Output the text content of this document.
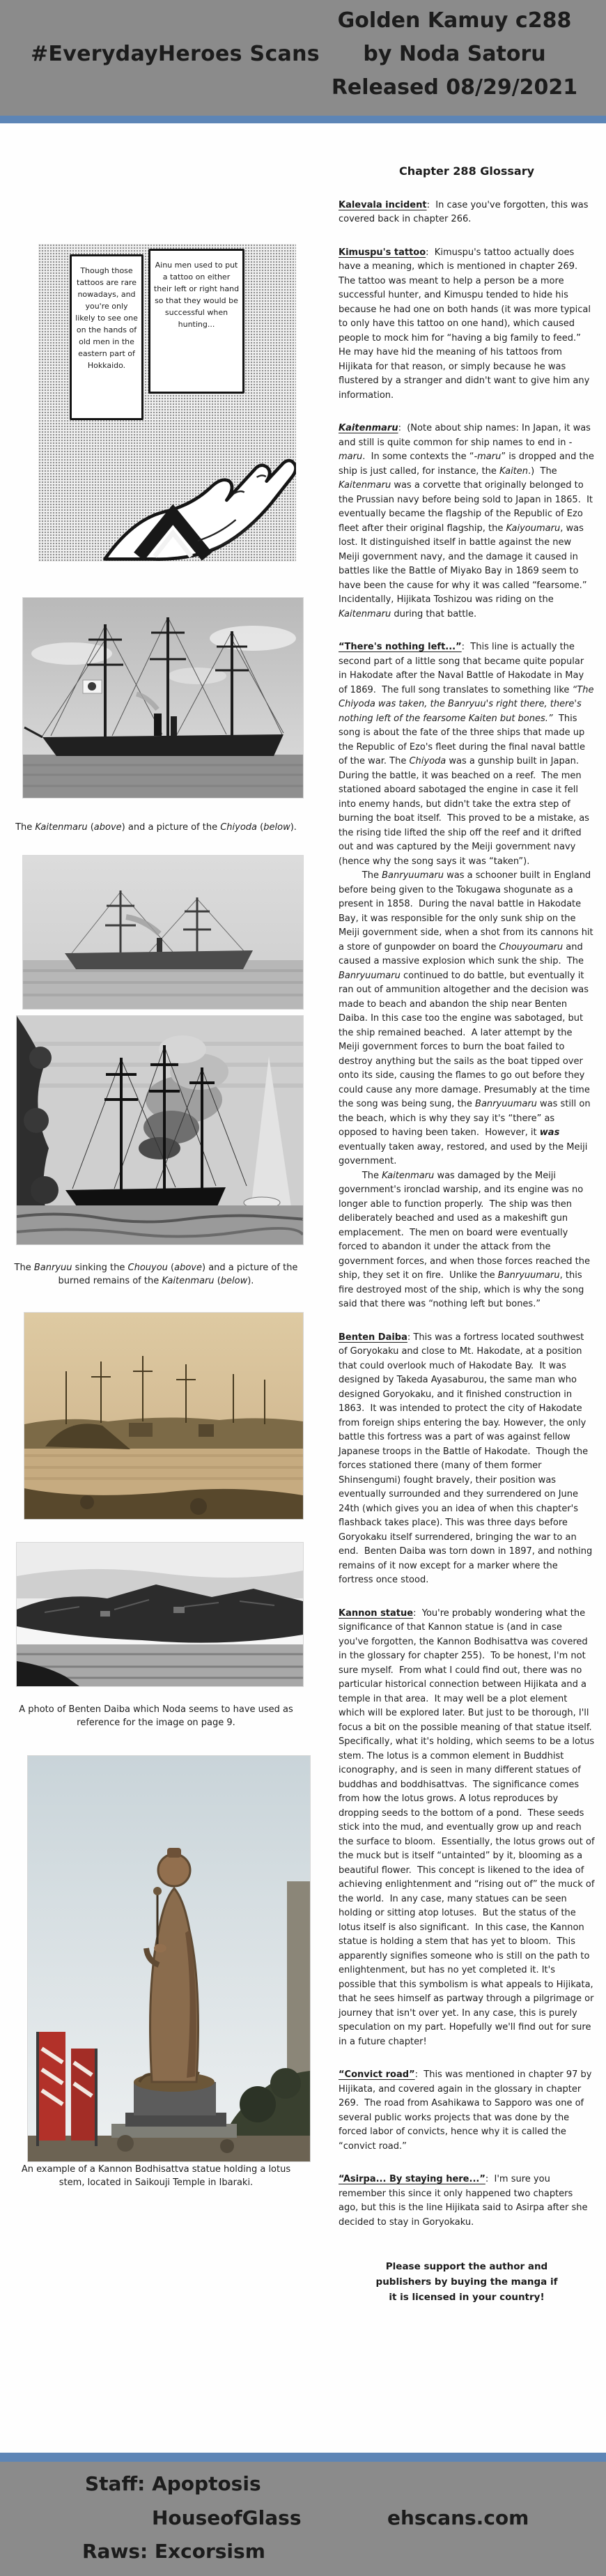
#EverydayHeroes Scans
Golden Kamuy c288
by Noda Satoru
Released 08/29/2021
Though those tattoos are rare nowadays, and you're only likely to see one on the hands of old men in the eastern part of Hokkaido.
Ainu men used to put a tattoo on either their left or right hand so that they would be successful when hunting...
The Kaitenmaru (above) and a picture of the Chiyoda (below).
The Banryuu sinking the Chouyou (above) and a picture of the burned remains of the Kaitenmaru (below).
A photo of Benten Daiba which Noda seems to have used as reference for the image on page 9.
An example of a Kannon Bodhisattva statue holding a lotus stem, located in Saikouji Temple in Ibaraki.
Chapter 288 Glossary

Kalevala incident:  In case you've forgotten, this was covered back in chapter 266.

Kimuspu's tattoo:  Kimuspu's tattoo actually does have a meaning, which is mentioned in chapter 269. The tattoo was meant to help a person be a more successful hunter, and Kimuspu tended to hide his because he had one on both hands (it was more typical to only have this tattoo on one hand), which caused people to mock him for “having a big family to feed.”  He may have hid the meaning of his tattoos from Hijikata for that reason, or simply because he was flustered by a stranger and didn't want to give him any information.

Kaitenmaru:  (Note about ship names: In Japan, it was and still is quite common for ship names to end in -maru.  In some contexts the “-maru” is dropped and the ship is just called, for instance, the Kaiten.)  The Kaitenmaru was a corvette that originally belonged to the Prussian navy before being sold to Japan in 1865.  It eventually became the flagship of the Republic of Ezo fleet after their original flagship, the Kaiyoumaru, was lost. It distinguished itself in battle against the new Meiji government navy, and the damage it caused in battles like the Battle of Miyako Bay in 1869 seem to have been the cause for why it was called “fearsome.”  Incidentally, Hijikata Toshizou was riding on the Kaitenmaru during that battle.

“There's nothing left...”:  This line is actually the second part of a little song that became quite popular in Hakodate after the Naval Battle of Hakodate in May of 1869.  The full song translates to something like “The Chiyoda was taken, the Banryuu's right there, there's nothing left of the fearsome Kaiten but bones.”  This song is about the fate of the three ships that made up the Republic of Ezo's fleet during the final naval battle of the war. The Chiyoda was a gunship built in Japan.  During the battle, it was beached on a reef.  The men stationed aboard sabotaged the engine in case it fell into enemy hands, but didn't take the extra step of burning the boat itself.  This proved to be a mistake, as the rising tide lifted the ship off the reef and it drifted out and was captured by the Meiji government navy (hence why the song says it was “taken”).

The Banryuumaru was a schooner built in England before being given to the Tokugawa shogunate as a present in 1858.  During the naval battle in Hakodate Bay, it was responsible for the only sunk ship on the Meiji government side, when a shot from its cannons hit a store of gunpowder on board the Chouyoumaru and caused a massive explosion which sunk the ship.  The Banryuumaru continued to do battle, but eventually it ran out of ammunition altogether and the decision was made to beach and abandon the ship near Benten Daiba. In this case too the engine was sabotaged, but the ship remained beached.  A later attempt by the Meiji government forces to burn the boat failed to destroy anything but the sails as the boat tipped over onto its side, causing the flames to go out before they could cause any more damage. Presumably at the time the song was being sung, the Banryuumaru was still on the beach, which is why they say it's “there” as opposed to having been taken.  However, it was eventually taken away, restored, and used by the Meiji government.

The Kaitenmaru was damaged by the Meiji government's ironclad warship, and its engine was no longer able to function properly.  The ship was then deliberately beached and used as a makeshift gun emplacement.  The men on board were eventually forced to abandon it under the attack from the government forces, and when those forces reached the ship, they set it on fire.  Unlike the Banryuumaru, this fire destroyed most of the ship, which is why the song said that there was “nothing left but bones.”

Benten Daiba: This was a fortress located southwest of Goryokaku and close to Mt. Hakodate, at a position that could overlook much of Hakodate Bay.  It was designed by Takeda Ayasaburou, the same man who designed Goryokaku, and it finished construction in 1863.  It was intended to protect the city of Hakodate from foreign ships entering the bay. However, the only battle this fortress was a part of was against fellow Japanese troops in the Battle of Hakodate.  Though the forces stationed there (many of them former Shinsengumi) fought bravely, their position was eventually surrounded and they surrendered on June 24th (which gives you an idea of when this chapter's flashback takes place). This was three days before Goryokaku itself surrendered, bringing the war to an end.  Benten Daiba was torn down in 1897, and nothing remains of it now except for a marker where the fortress once stood.

Kannon statue:  You're probably wondering what the significance of that Kannon statue is (and in case you've forgotten, the Kannon Bodhisattva was covered in the glossary for chapter 255).  To be honest, I'm not sure myself.  From what I could find out, there was no particular historical connection between Hijikata and a temple in that area.  It may well be a plot element which will be explored later. But just to be thorough, I'll focus a bit on the possible meaning of that statue itself.  Specifically, what it's holding, which seems to be a lotus stem. The lotus is a common element in Buddhist iconography, and is seen in many different statues of buddhas and boddhisattvas.  The significance comes from how the lotus grows. A lotus reproduces by dropping seeds to the bottom of a pond.  These seeds stick into the mud, and eventually grow up and reach the surface to bloom.  Essentially, the lotus grows out of the muck but is itself “untainted” by it, blooming as a beautiful flower.  This concept is likened to the idea of achieving enlightenment and “rising out of” the muck of the world.  In any case, many statues can be seen holding or sitting atop lotuses.  But the status of the lotus itself is also significant.  In this case, the Kannon statue is holding a stem that has yet to bloom.  This apparently signifies someone who is still on the path to enlightenment, but has no yet completed it. It's possible that this symbolism is what appeals to Hijikata, that he sees himself as partway through a pilgrimage or journey that isn't over yet. In any case, this is purely speculation on my part. Hopefully we'll find out for sure in a future chapter!

“Convict road”:  This was mentioned in chapter 97 by Hijikata, and covered again in the glossary in chapter 269.  The road from Asahikawa to Sapporo was one of several public works projects that was done by the forced labor of convicts, hence why it is called the “convict road.”

“Asirpa... By staying here...”:  I'm sure you remember this since it only happened two chapters ago, but this is the line Hijikata said to Asirpa after she decided to stay in Goryokaku.

Please support the author and
publishers by buying the manga if
it is licensed in your country!
Staff: Apoptosis
HouseofGlass
Raws: Excorsism
ehscans.com
